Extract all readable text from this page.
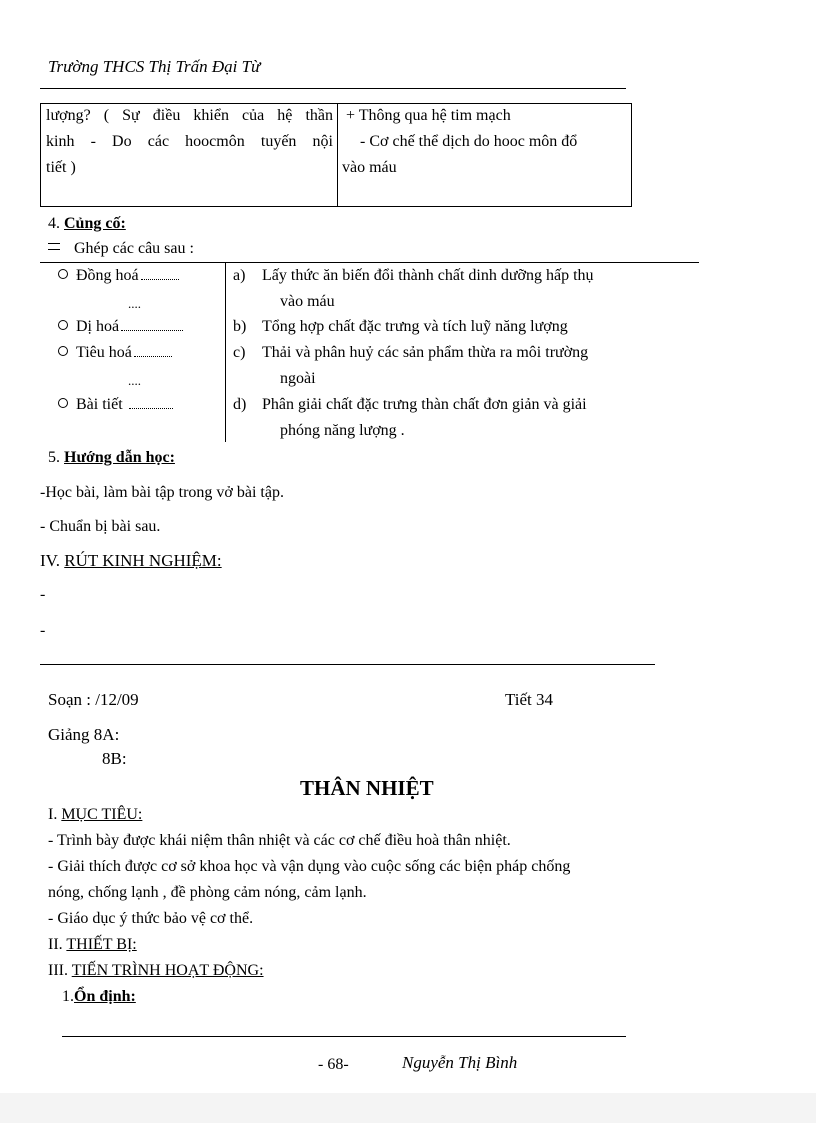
Trường THCS Thị Trấn Đại Từ
lượng? ( Sự điều khiển của hệ thần
kinh - Do các hoocmôn tuyến nội
tiết )
+ Thông qua hệ tim mạch
- Cơ chế thể dịch do hooc môn đổ
vào máu
4. Củng cố:
Ghép các câu sau :
Đồng hoá
....
Dị hoá
Tiêu hoá
....
Bài tiết
a) Lấy thức ăn biến đổi thành chất dinh dưỡng hấp thụ
vào máu
b) Tổng hợp chất đặc trưng và tích luỹ năng lượng
c) Thải và phân huỷ các sản phẩm thừa ra môi trường
ngoài
d) Phân giải chất đặc trưng thàn chất đơn giản và giải
phóng năng lượng .
5. Hướng dẫn học:
-Học bài, làm bài tập trong vở bài tập.
- Chuẩn bị bài sau.
IV. RÚT KINH NGHIỆM:
-
-
Soạn : /12/09	Tiết 34
Giảng 8A:
8B:
THÂN NHIỆT
I. MỤC TIÊU:
- Trình bày được khái niệm thân nhiệt và các cơ chế điều hoà thân nhiệt.
- Giải thích được cơ sở khoa học và vận dụng vào cuộc sống các biện pháp chống
nóng, chống lạnh , đề phòng cảm nóng, cảm lạnh.
- Giáo dục ý thức bảo vệ cơ thể.
II. THIẾT BỊ:
III. TIẾN TRÌNH HOẠT ĐỘNG:
1.Ổn định:
- 68-	Nguyễn Thị Bình
